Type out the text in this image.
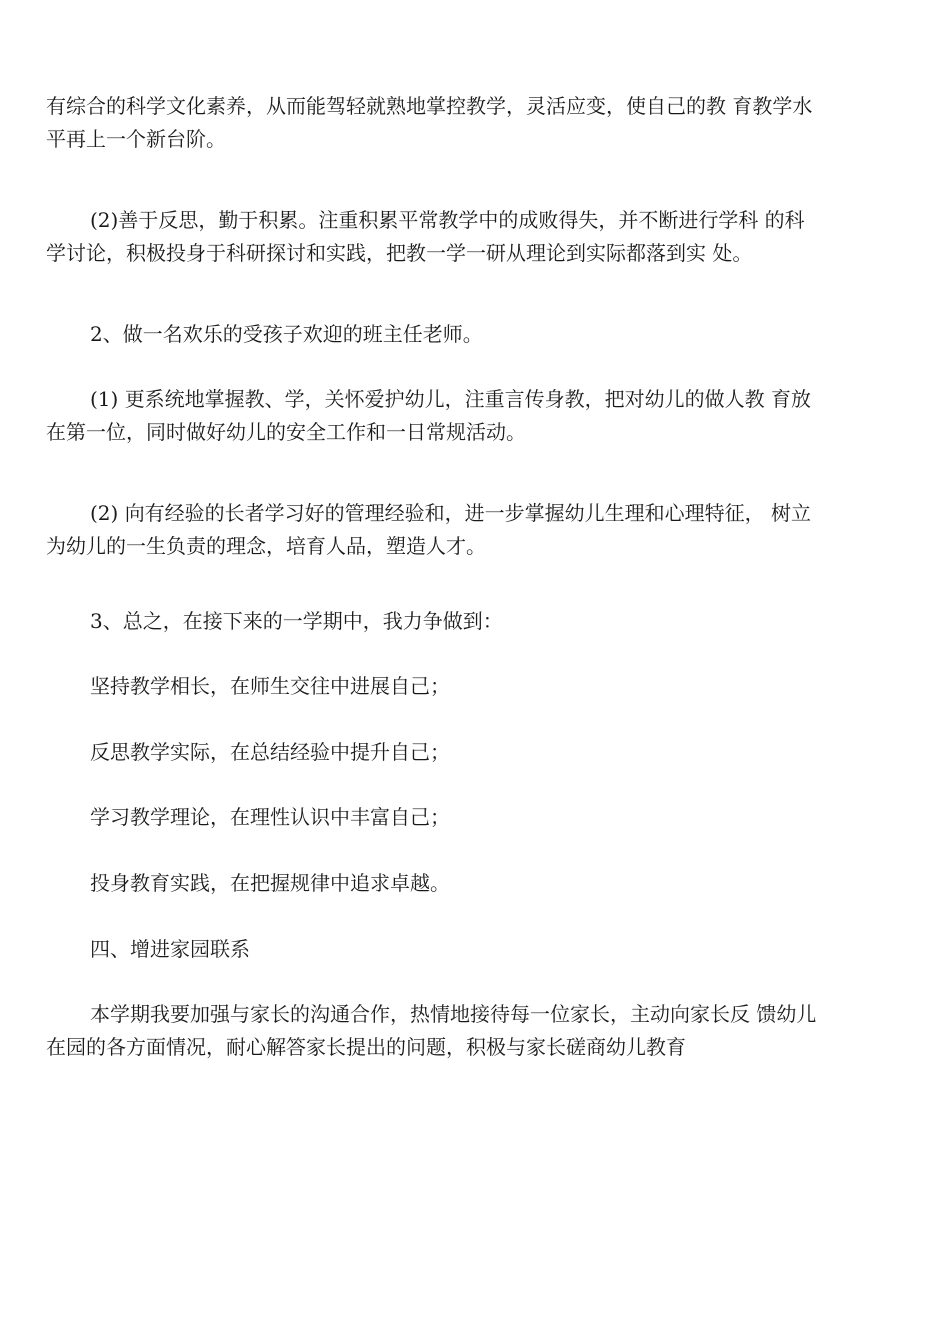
有综合的科学文化素养，从而能驾轻就熟地掌控教学，灵活应变，使自己的教 育教学水
平再上一个新台阶。
(2)善于反思，勤于积累。注重积累平常教学中的成败得失，并不断进行学科 的科
学讨论，积极投身于科研探讨和实践，把教一学一研从理论到实际都落到实 处。
2、做一名欢乐的受孩子欢迎的班主任老师。
(1) 更系统地掌握教、学，关怀爱护幼儿，注重言传身教，把对幼儿的做人教 育放
在第一位，同时做好幼儿的安全工作和一日常规活动。
(2) 向有经验的长者学习好的管理经验和，进一步掌握幼儿生理和心理特征， 树立
为幼儿的一生负责的理念，培育人品，塑造人才。
3、总之，在接下来的一学期中，我力争做到：
坚持教学相长，在师生交往中进展自己；
反思教学实际，在总结经验中提升自己；
学习教学理论，在理性认识中丰富自己；
投身教育实践，在把握规律中追求卓越。
四、增进家园联系
本学期我要加强与家长的沟通合作，热情地接待每一位家长，主动向家长反 馈幼儿
在园的各方面情况，耐心解答家长提出的问题，积极与家长磋商幼儿教育
